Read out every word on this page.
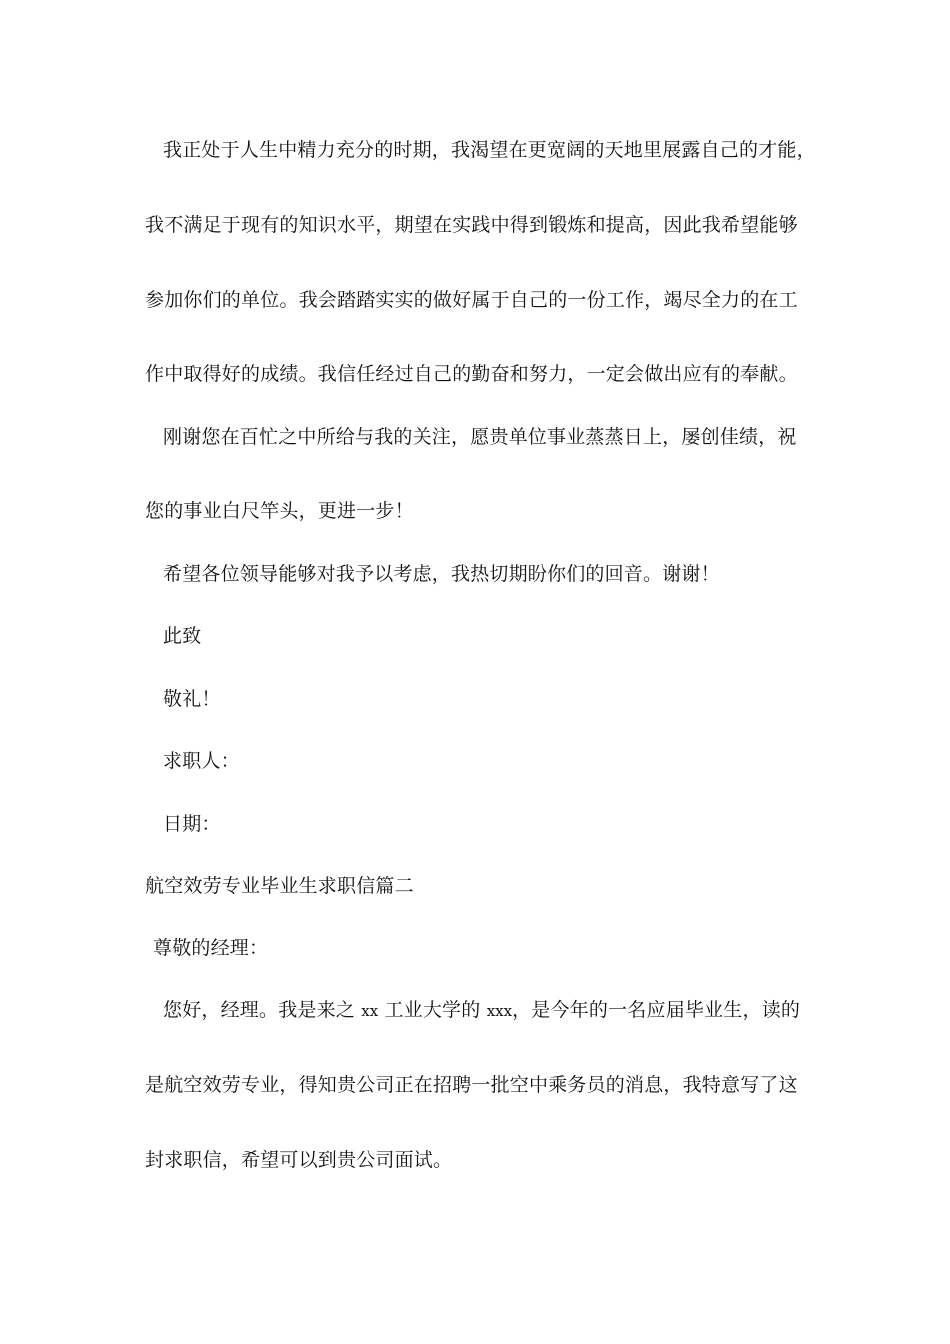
我正处于人生中精力充分的时期，我渴望在更宽阔的天地里展露自己的才能，
我不满足于现有的知识水平，期望在实践中得到锻炼和提高，因此我希望能够
参加你们的单位。我会踏踏实实的做好属于自己的一份工作，竭尽全力的在工
作中取得好的成绩。我信任经过自己的勤奋和努力，一定会做出应有的奉献。
刚谢您在百忙之中所给与我的关注，愿贵单位事业蒸蒸日上，屡创佳绩，祝
您的事业白尺竿头，更进一步！
希望各位领导能够对我予以考虑，我热切期盼你们的回音。谢谢！
此致
敬礼！
求职人：
日期：
航空效劳专业毕业生求职信篇二
尊敬的经理：
您好，经理。我是来之 xx 工业大学的 xxx，是今年的一名应届毕业生，读的
是航空效劳专业，得知贵公司正在招聘一批空中乘务员的消息，我特意写了这
封求职信，希望可以到贵公司面试。
